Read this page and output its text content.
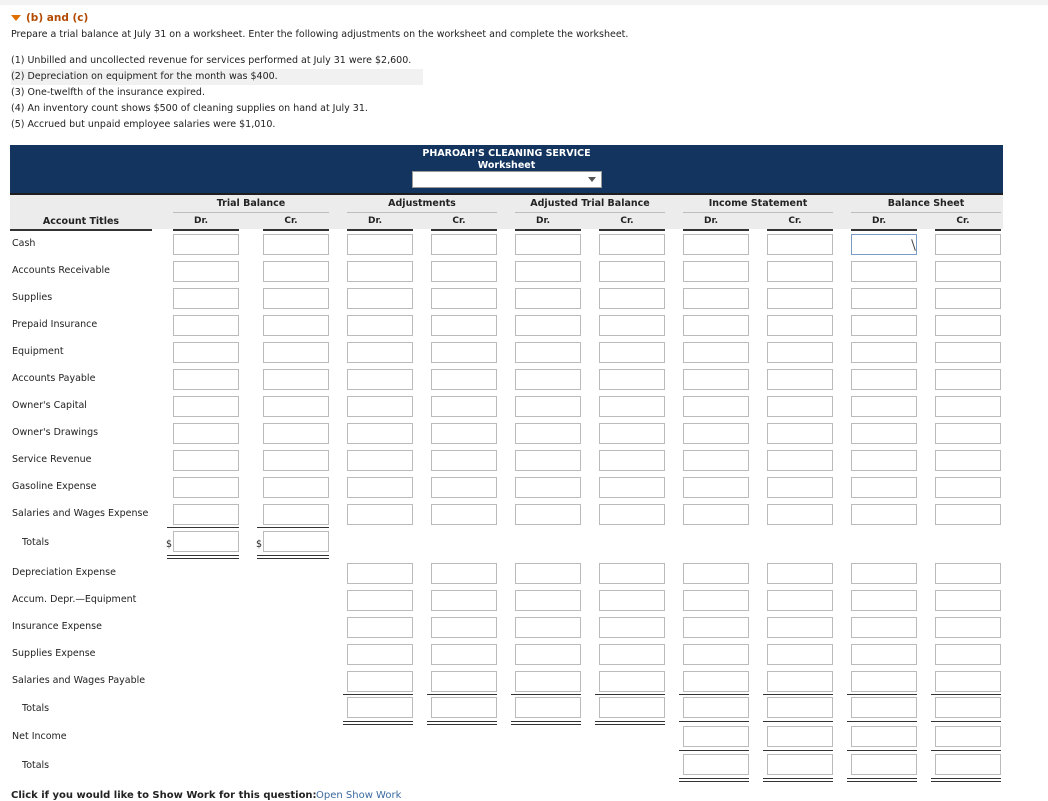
(b) and (c)
Prepare a trial balance at July 31 on a worksheet. Enter the following adjustments on the worksheet and complete the worksheet.
(1) Unbilled and uncollected revenue for services performed at July 31 were $2,600.
(2) Depreciation on equipment for the month was $400.
(3) One-twelfth of the insurance expired.
(4) An inventory count shows $500 of cleaning supplies on hand at July 31.
(5) Accrued but unpaid employee salaries were $1,010.
PHAROAH'S CLEANING SERVICE
Worksheet
Account Titles
Trial Balance
Dr.	Cr.
Adjustments
Dr.	Cr.
Adjusted Trial Balance
Dr.	Cr.
Income Statement
Dr.	Cr.
Balance Sheet
Dr.	Cr.
Cash
Accounts Receivable
Supplies
Prepaid Insurance
Equipment
Accounts Payable
Owner's Capital
Owner's Drawings
Service Revenue
Gasoline Expense
Salaries and Wages Expense
Totals	$	$
Depreciation Expense
Accum. Depr.—Equipment
Insurance Expense
Supplies Expense
Salaries and Wages Payable
Totals
Net Income
Totals
Click if you would like to Show Work for this question: Open Show Work
